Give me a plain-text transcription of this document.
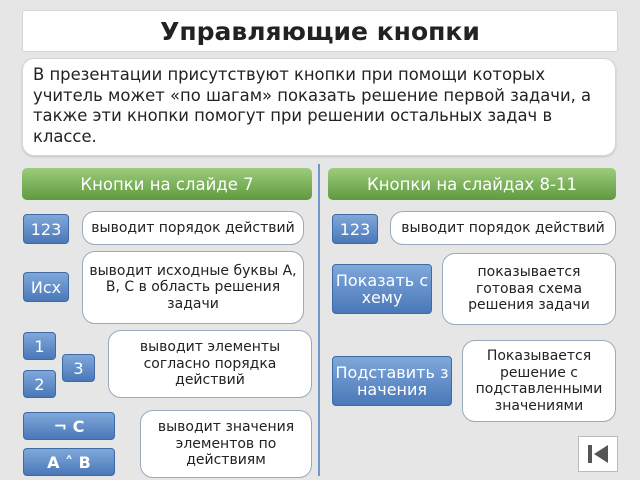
Управляющие кнопки
В презентации присутствуют кнопки при помощи которых учитель может «по шагам» показать решение первой задачи, а также эти кнопки помогут при решении остальных задач в классе.
Кнопки на слайде 7	Кнопки на слайдах 8-11
123	выводит порядок действий
Исх
выводит исходные буквы А, В, С в область решения задачи
1
3
2
выводит элементы согласно порядка действий
¬ C
A ˄ B
выводит значения элементов по действиям
123	выводит порядок действий
Показать схему
показывается готовая схема решения задачи
Подставить значения
Показывается решение с подставленными значениями
